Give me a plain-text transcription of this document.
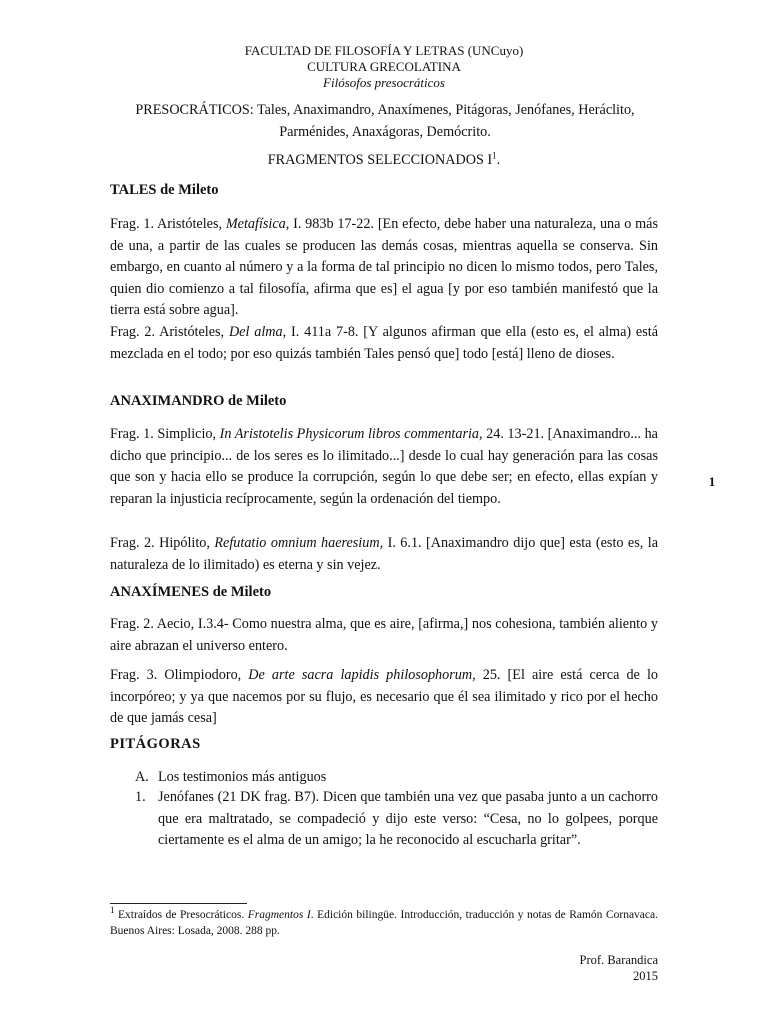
FACULTAD DE FILOSOFÍA Y LETRAS (UNCuyo)
CULTURA GRECOLATINA
Filósofos presocráticos
PRESOCRÁTICOS: Tales, Anaximandro, Anaxímenes, Pitágoras, Jenófanes, Heráclito,
Parménides, Anaxágoras, Demócrito.
FRAGMENTOS SELECCIONADOS $I^1$.
TALES de Mileto
Frag. 1. Aristóteles, Metafísica, I. 983b 17-22. [En efecto, debe haber una naturaleza, una o más de una, a partir de las cuales se producen las demás cosas, mientras aquella se conserva. Sin embargo, en cuanto al número y a la forma de tal principio no dicen lo mismo todos, pero Tales, quien dio comienzo a tal filosofía, afirma que es] el agua [y por eso también manifestó que la tierra está sobre agua].
Frag. 2. Aristóteles, Del alma, I. 411a 7-8. [Y algunos afirman que ella (esto es, el alma) está mezclada en el todo; por eso quizás también Tales pensó que] todo [está] lleno de dioses.
ANAXIMANDRO de Mileto
Frag. 1. Simplicio, In Aristotelis Physicorum libros commentaria, 24. 13-21. [Anaximandro... ha dicho que principio... de los seres es lo ilimitado...] desde lo cual hay generación para las cosas que son y hacia ello se produce la corrupción, según lo que debe ser; en efecto, ellas expían y reparan la injusticia recíprocamente, según la ordenación del tiempo.
Frag. 2. Hipólito, Refutatio omnium haeresium, I. 6.1. [Anaximandro dijo que] esta (esto es, la naturaleza de lo ilimitado) es eterna y sin vejez.
ANAXÍMENES de Mileto
Frag. 2. Aecio, I.3.4- Como nuestra alma, que es aire, [afirma,] nos cohesiona, también aliento y aire abrazan el universo entero.
Frag. 3. Olimpiodoro, De arte sacra lapidis philosophorum, 25. [El aire está cerca de lo incorpóreo; y ya que nacemos por su flujo, es necesario que él sea ilimitado y rico por el hecho de que jamás cesa]
PITÁGORAS
A. Los testimonios más antiguos
1. Jenófanes (21 DK frag. B7). Dicen que también una vez que pasaba junto a un cachorro que era maltratado, se compadeció y dijo este verso: “Cesa, no lo golpees, porque ciertamente es el alma de un amigo; la he reconocido al escucharla gritar”.
$^1$ Extraídos de Presocráticos. Fragmentos I. Edición bilingüe. Introducción, traducción y notas de Ramón Cornavaca. Buenos Aires: Losada, 2008. 288 pp.
1
Prof. Barandica
2015
